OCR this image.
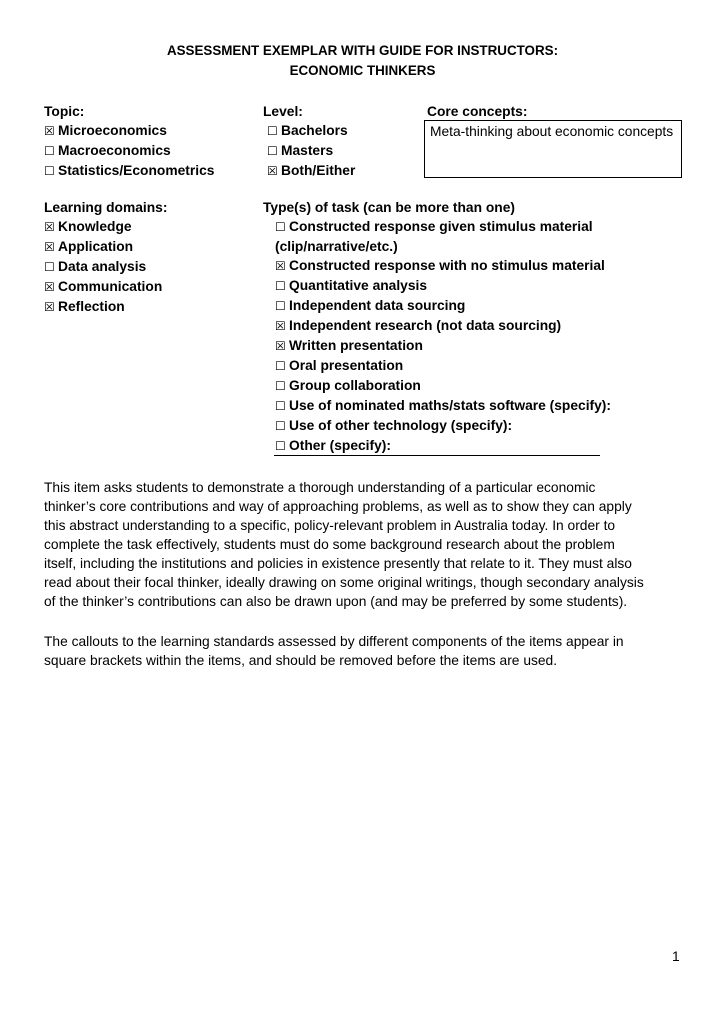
ASSESSMENT EXEMPLAR WITH GUIDE FOR INSTRUCTORS:
ECONOMIC THINKERS
Topic:
☒ Microeconomics
☐ Macroeconomics
☐ Statistics/Econometrics
Level:
☐ Bachelors
☐ Masters
☒ Both/Either
Core concepts:
Meta-thinking about economic concepts
Learning domains:
☒ Knowledge
☒ Application
☐ Data analysis
☒ Communication
☒ Reflection
Type(s) of task (can be more than one)
☐ Constructed response given stimulus material
(clip/narrative/etc.)
☒ Constructed response with no stimulus material
☐ Quantitative analysis
☐ Independent data sourcing
☒ Independent research (not data sourcing)
☒ Written presentation
☐ Oral presentation
☐ Group collaboration
☐ Use of nominated maths/stats software (specify):
☐ Use of other technology (specify):
☐ Other (specify):
This item asks students to demonstrate a thorough understanding of a particular economic
thinker’s core contributions and way of approaching problems, as well as to show they can apply
this abstract understanding to a specific, policy-relevant problem in Australia today. In order to
complete the task effectively, students must do some background research about the problem
itself, including the institutions and policies in existence presently that relate to it. They must also
read about their focal thinker, ideally drawing on some original writings, though secondary analysis
of the thinker’s contributions can also be drawn upon (and may be preferred by some students).
The callouts to the learning standards assessed by different components of the items appear in
square brackets within the items, and should be removed before the items are used.
1
